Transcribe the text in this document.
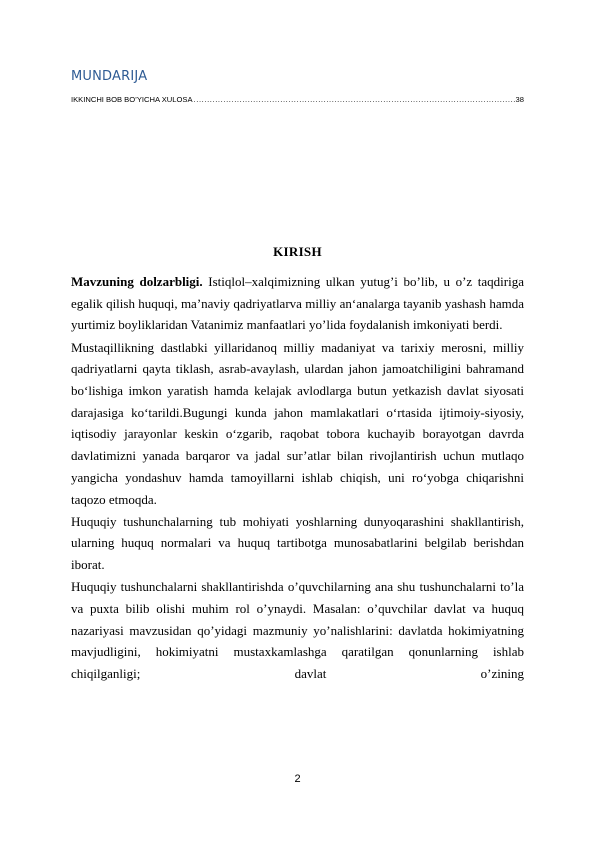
MUNDARIJA
IKKINCHI BOB BO’YICHA XULOSA
.....	38
KIRISH

Mavzuning dolzarbligi. Istiqlol–xalqimizning ulkan yutug’i bo’lib, u o’z taqdiriga egalik qilish huquqi, ma’naviy qadriyatlarva milliy an‘analarga tayanib yashash hamda yurtimiz boyliklaridan Vatanimiz manfaatlari yo’lida foydalanish imkoniyati berdi.

Mustaqillikning dastlabki yillaridanoq milliy madaniyat va tarixiy merosni, milliy qadriyatlarni qayta tiklash, asrab-avaylash, ulardan jahon jamoatchiligini bahramand bo‘lishiga imkon yaratish hamda kelajak avlodlarga butun yetkazish davlat siyosati darajasiga ko‘tarildi.Bugungi kunda jahon mamlakatlari o‘rtasida ijtimoiy-siyosiy, iqtisodiy jarayonlar keskin o‘zgarib, raqobat tobora kuchayib borayotgan davrda davlatimizni yanada barqaror va jadal sur’atlar bilan rivojlantirish uchun mutlaqo yangicha yondashuv hamda tamoyillarni ishlab chiqish, uni ro‘yobga chiqarishni taqozo etmoqda.

Huquqiy tushunchalarning tub mohiyati yoshlarning dunyoqarashini shakllantirish, ularning huquq normalari va huquq tartibotga munosabatlarini belgilab berishdan iborat.

Huquqiy tushunchalarni shakllantirishda o’quvchilarning ana shu tushunchalarni to’la va puxta bilib olishi muhim rol o’ynaydi. Masalan: o’quvchilar davlat va huquq nazariyasi mavzusidan qo’yidagi mazmuniy yo’nalishlarini: davlatda hokimiyatning mavjudligini, hokimiyatni mustaxkamlashga qaratilgan qonunlarning ishlab chiqilganligi; davlat o’zining

2
